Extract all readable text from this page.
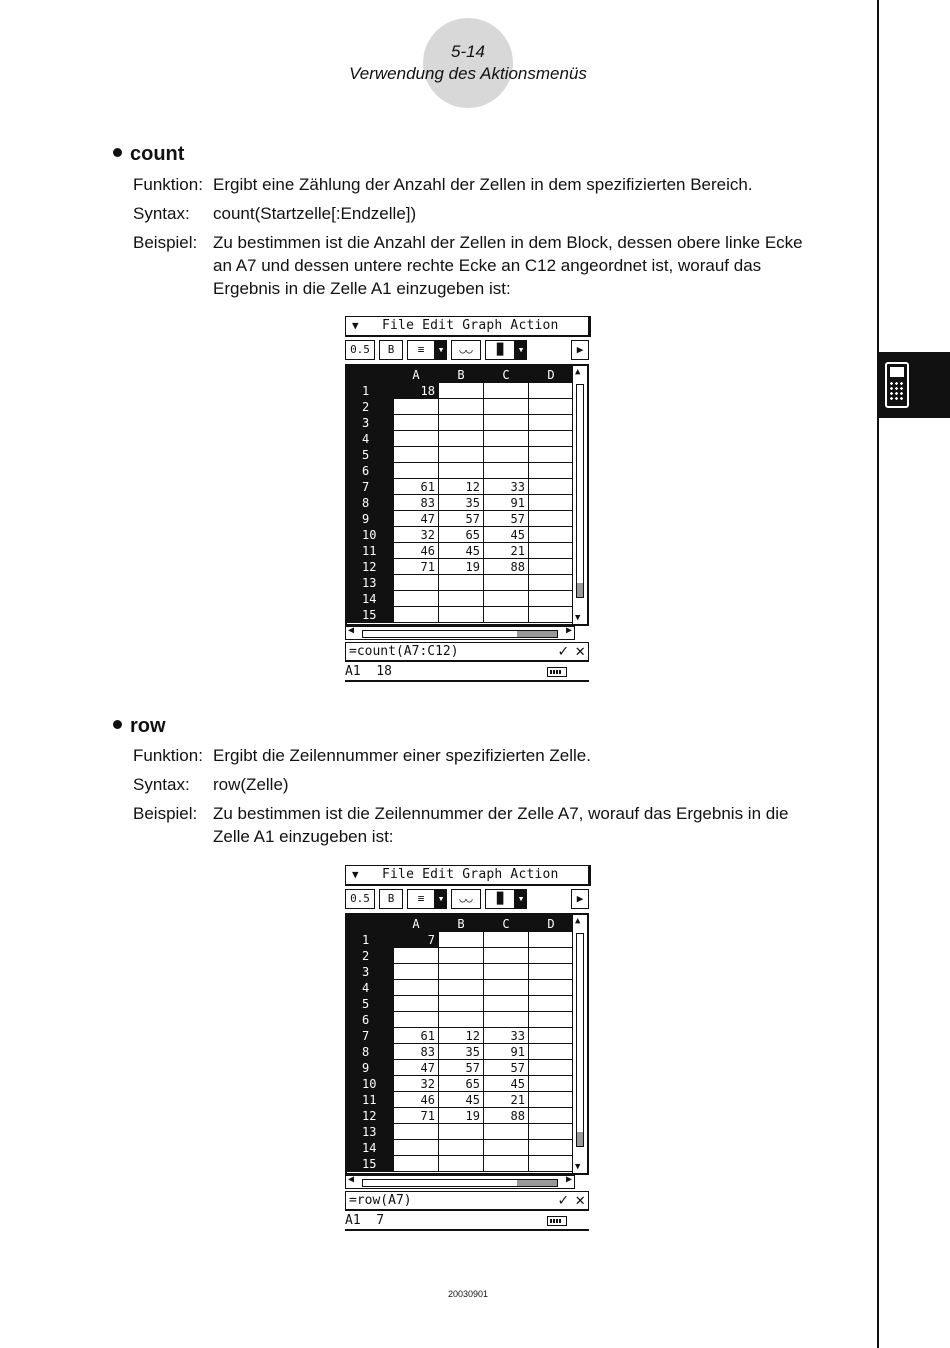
5-14
Verwendung des Aktionsmenüs
count
Funktion: Ergibt eine Zählung der Anzahl der Zellen in dem spezifizierten Bereich.
Syntax: count(Startzelle[:Endzelle])
Beispiel: Zu bestimmen ist die Anzahl der Zellen in dem Block, dessen obere linke Ecke
an A7 und dessen untere rechte Ecke an C12 angeordnet ist, worauf das
Ergebnis in die Zelle A1 einzugeben ist:
▼ File Edit Graph Action
0.5	B	≡	▾	◡◡	▐▌	▾	▶
	A	B	C	D
1	18			
2				
3				
4				
5				
6				
7	61	12	33	
8	83	35	91	
9	47	57	57	
10	32	65	45	
11	46	45	21	
12	71	19	88	
13				
14				
15				
▲
▼
◀	▶
=count(A7:C12)	✓ ✕
A1  18
row
Funktion: Ergibt die Zeilennummer einer spezifizierten Zelle.
Syntax: row(Zelle)
Beispiel: Zu bestimmen ist die Zeilennummer der Zelle A7, worauf das Ergebnis in die
Zelle A1 einzugeben ist:
▼ File Edit Graph Action
0.5	B	≡	▾	◡◡	▐▌	▾	▶
	A	B	C	D
1	7			
2				
3				
4				
5				
6				
7	61	12	33	
8	83	35	91	
9	47	57	57	
10	32	65	45	
11	46	45	21	
12	71	19	88	
13				
14				
15				
▲
▼
◀	▶
=row(A7)	✓ ✕
A1  7
20030901
